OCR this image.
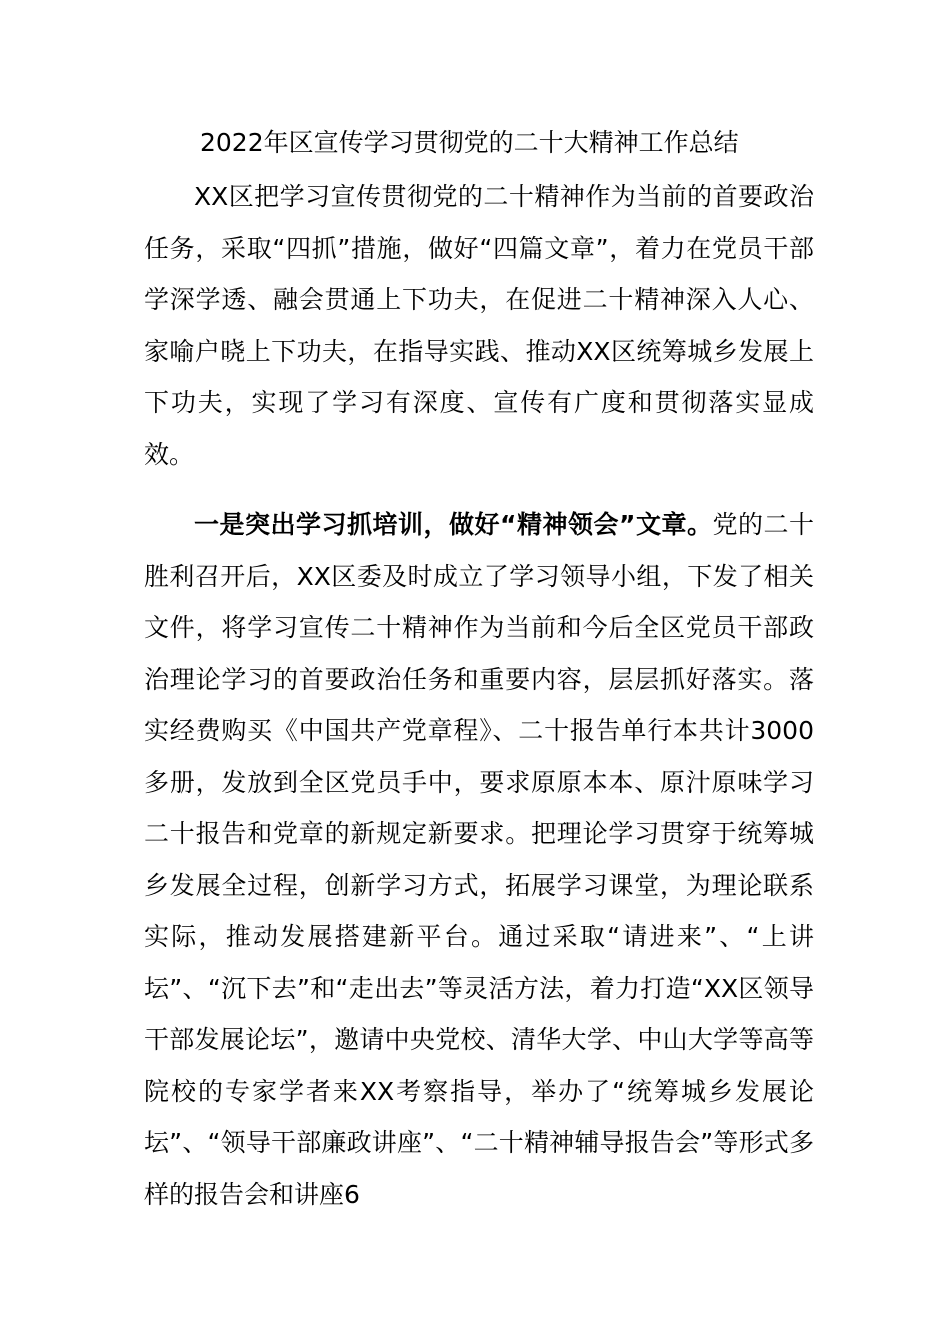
2022年区宣传学习贯彻党的二十大精神工作总结

XX区把学习宣传贯彻党的二十精神作为当前的首要政治任务，采取“四抓”措施，做好“四篇文章”，着力在党员干部学深学透、融会贯通上下功夫，在促进二十精神深入人心、家喻户晓上下功夫，在指导实践、推动XX区统筹城乡发展上下功夫，实现了学习有深度、宣传有广度和贯彻落实显成效。

一是突出学习抓培训，做好“精神领会”文章。党的二十胜利召开后，XX区委及时成立了学习领导小组，下发了相关文件，将学习宣传二十精神作为当前和今后全区党员干部政治理论学习的首要政治任务和重要内容，层层抓好落实。落实经费购买《中国共产党章程》、二十报告单行本共计3000多册，发放到全区党员手中，要求原原本本、原汁原味学习二十报告和党章的新规定新要求。把理论学习贯穿于统筹城乡发展全过程，创新学习方式，拓展学习课堂，为理论联系实际，推动发展搭建新平台。通过采取“请进来”、“上讲坛”、“沉下去”和“走出去”等灵活方法，着力打造“XX区领导干部发展论坛”，邀请中央党校、清华大学、中山大学等高等院校的专家学者来XX考察指导，举办了“统筹城乡发展论坛”、“领导干部廉政讲座”、“二十精神辅导报告会”等形式多样的报告会和讲座6
